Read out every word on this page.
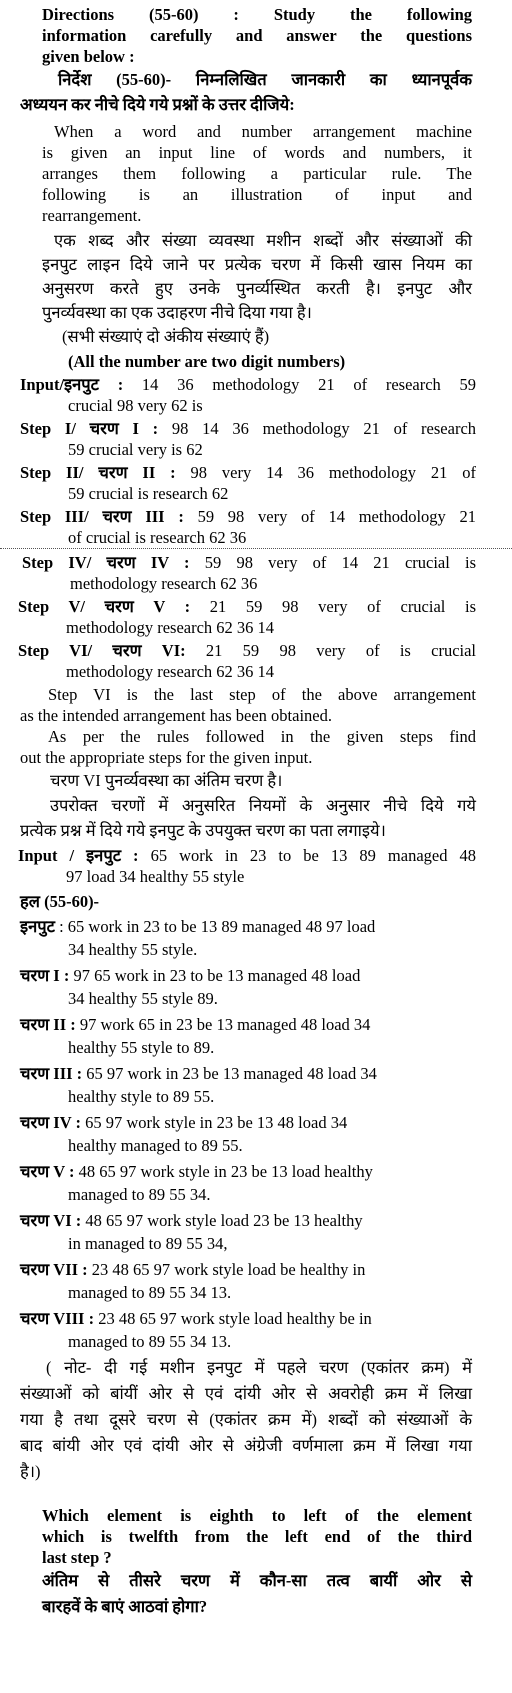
Directions (55-60) : Study the following
information carefully and answer the questions
given below :
निर्देश (55-60)- निम्नलिखित जानकारी का ध्यानपूर्वक
अध्ययन कर नीचे दिये गये प्रश्नों के उत्तर दीजिये:
When a word and number arrangement machine
is given an input line of words and numbers, it
arranges them following a particular rule. The
following is an illustration of input and
rearrangement.
एक शब्द और संख्या व्यवस्था मशीन शब्दों और संख्याओं की
इनपुट लाइन दिये जाने पर प्रत्येक चरण में किसी खास नियम का
अनुसरण करते हुए उनके पुनर्व्यस्थित करती है। इनपुट और
पुनर्व्यवस्था का एक उदाहरण नीचे दिया गया है।
(सभी संख्याएं दो अंकीय संख्याएं हैं)
(All the number are two digit numbers)
Input/इनपुट : 14 36 methodology 21 of research 59
crucial 98 very 62 is
Step I/ चरण I : 98 14 36 methodology 21 of research
59 crucial very is 62
Step II/ चरण II : 98 very 14 36 methodology 21 of
59 crucial is research 62
Step III/ चरण III : 59 98 very of 14 methodology 21
of crucial is research 62 36
Step IV/ चरण IV : 59 98 very of 14 21 crucial is
methodology research 62 36
Step V/ चरण V : 21 59 98 very of crucial is
methodology research 62 36 14
Step VI/ चरण VI: 21 59 98 very of is crucial
methodology research 62 36 14
Step VI is the last step of the above arrangement
as the intended arrangement has been obtained.
As per the rules followed in the given steps find
out the appropriate steps for the given input.
चरण VI पुनर्व्यवस्था का अंतिम चरण है।
उपरोक्त चरणों में अनुसरित नियमों के अनुसार नीचे दिये गये
प्रत्येक प्रश्न में दिये गये इनपुट के उपयुक्त चरण का पता लगाइये।
Input / इनपुट : 65 work in 23 to be 13 89 managed 48
97 load 34 healthy 55 style
हल (55-60)-
इनपुट : 65 work in 23 to be 13 89 managed 48 97 load
34 healthy 55 style.
चरण I : 97 65 work in 23 to be 13 managed 48 load
34 healthy 55 style 89.
चरण II : 97 work 65 in 23 be 13 managed 48 load 34
healthy 55 style to 89.
चरण III : 65 97 work in 23 be 13 managed 48 load 34
healthy style to 89 55.
चरण IV : 65 97 work style in 23 be 13 48 load 34
healthy managed to 89 55.
चरण V : 48 65 97 work style in 23 be 13 load healthy
managed to 89 55 34.
चरण VI : 48 65 97 work style load 23 be 13 healthy
in managed to 89 55 34,
चरण VII : 23 48 65 97 work style load be healthy in
managed to 89 55 34 13.
चरण VIII : 23 48 65 97 work style load healthy be in
managed to 89 55 34 13.
( नोट- दी गई मशीन इनपुट में पहले चरण (एकांतर क्रम) में
संख्याओं को बांयीं ओर से एवं दांयी ओर से अवरोही क्रम में लिखा
गया है तथा दूसरे चरण से (एकांतर क्रम में) शब्दों को संख्याओं के
बाद बांयी ओर एवं दांयी ओर से अंग्रेजी वर्णमाला क्रम में लिखा गया
है।)
Which element is eighth to left of the element
which is twelfth from the left end of the third
last step ?
अंतिम से तीसरे चरण में कौन-सा तत्व बायीं ओर से
बारहवें के बाएं आठवां होगा?
